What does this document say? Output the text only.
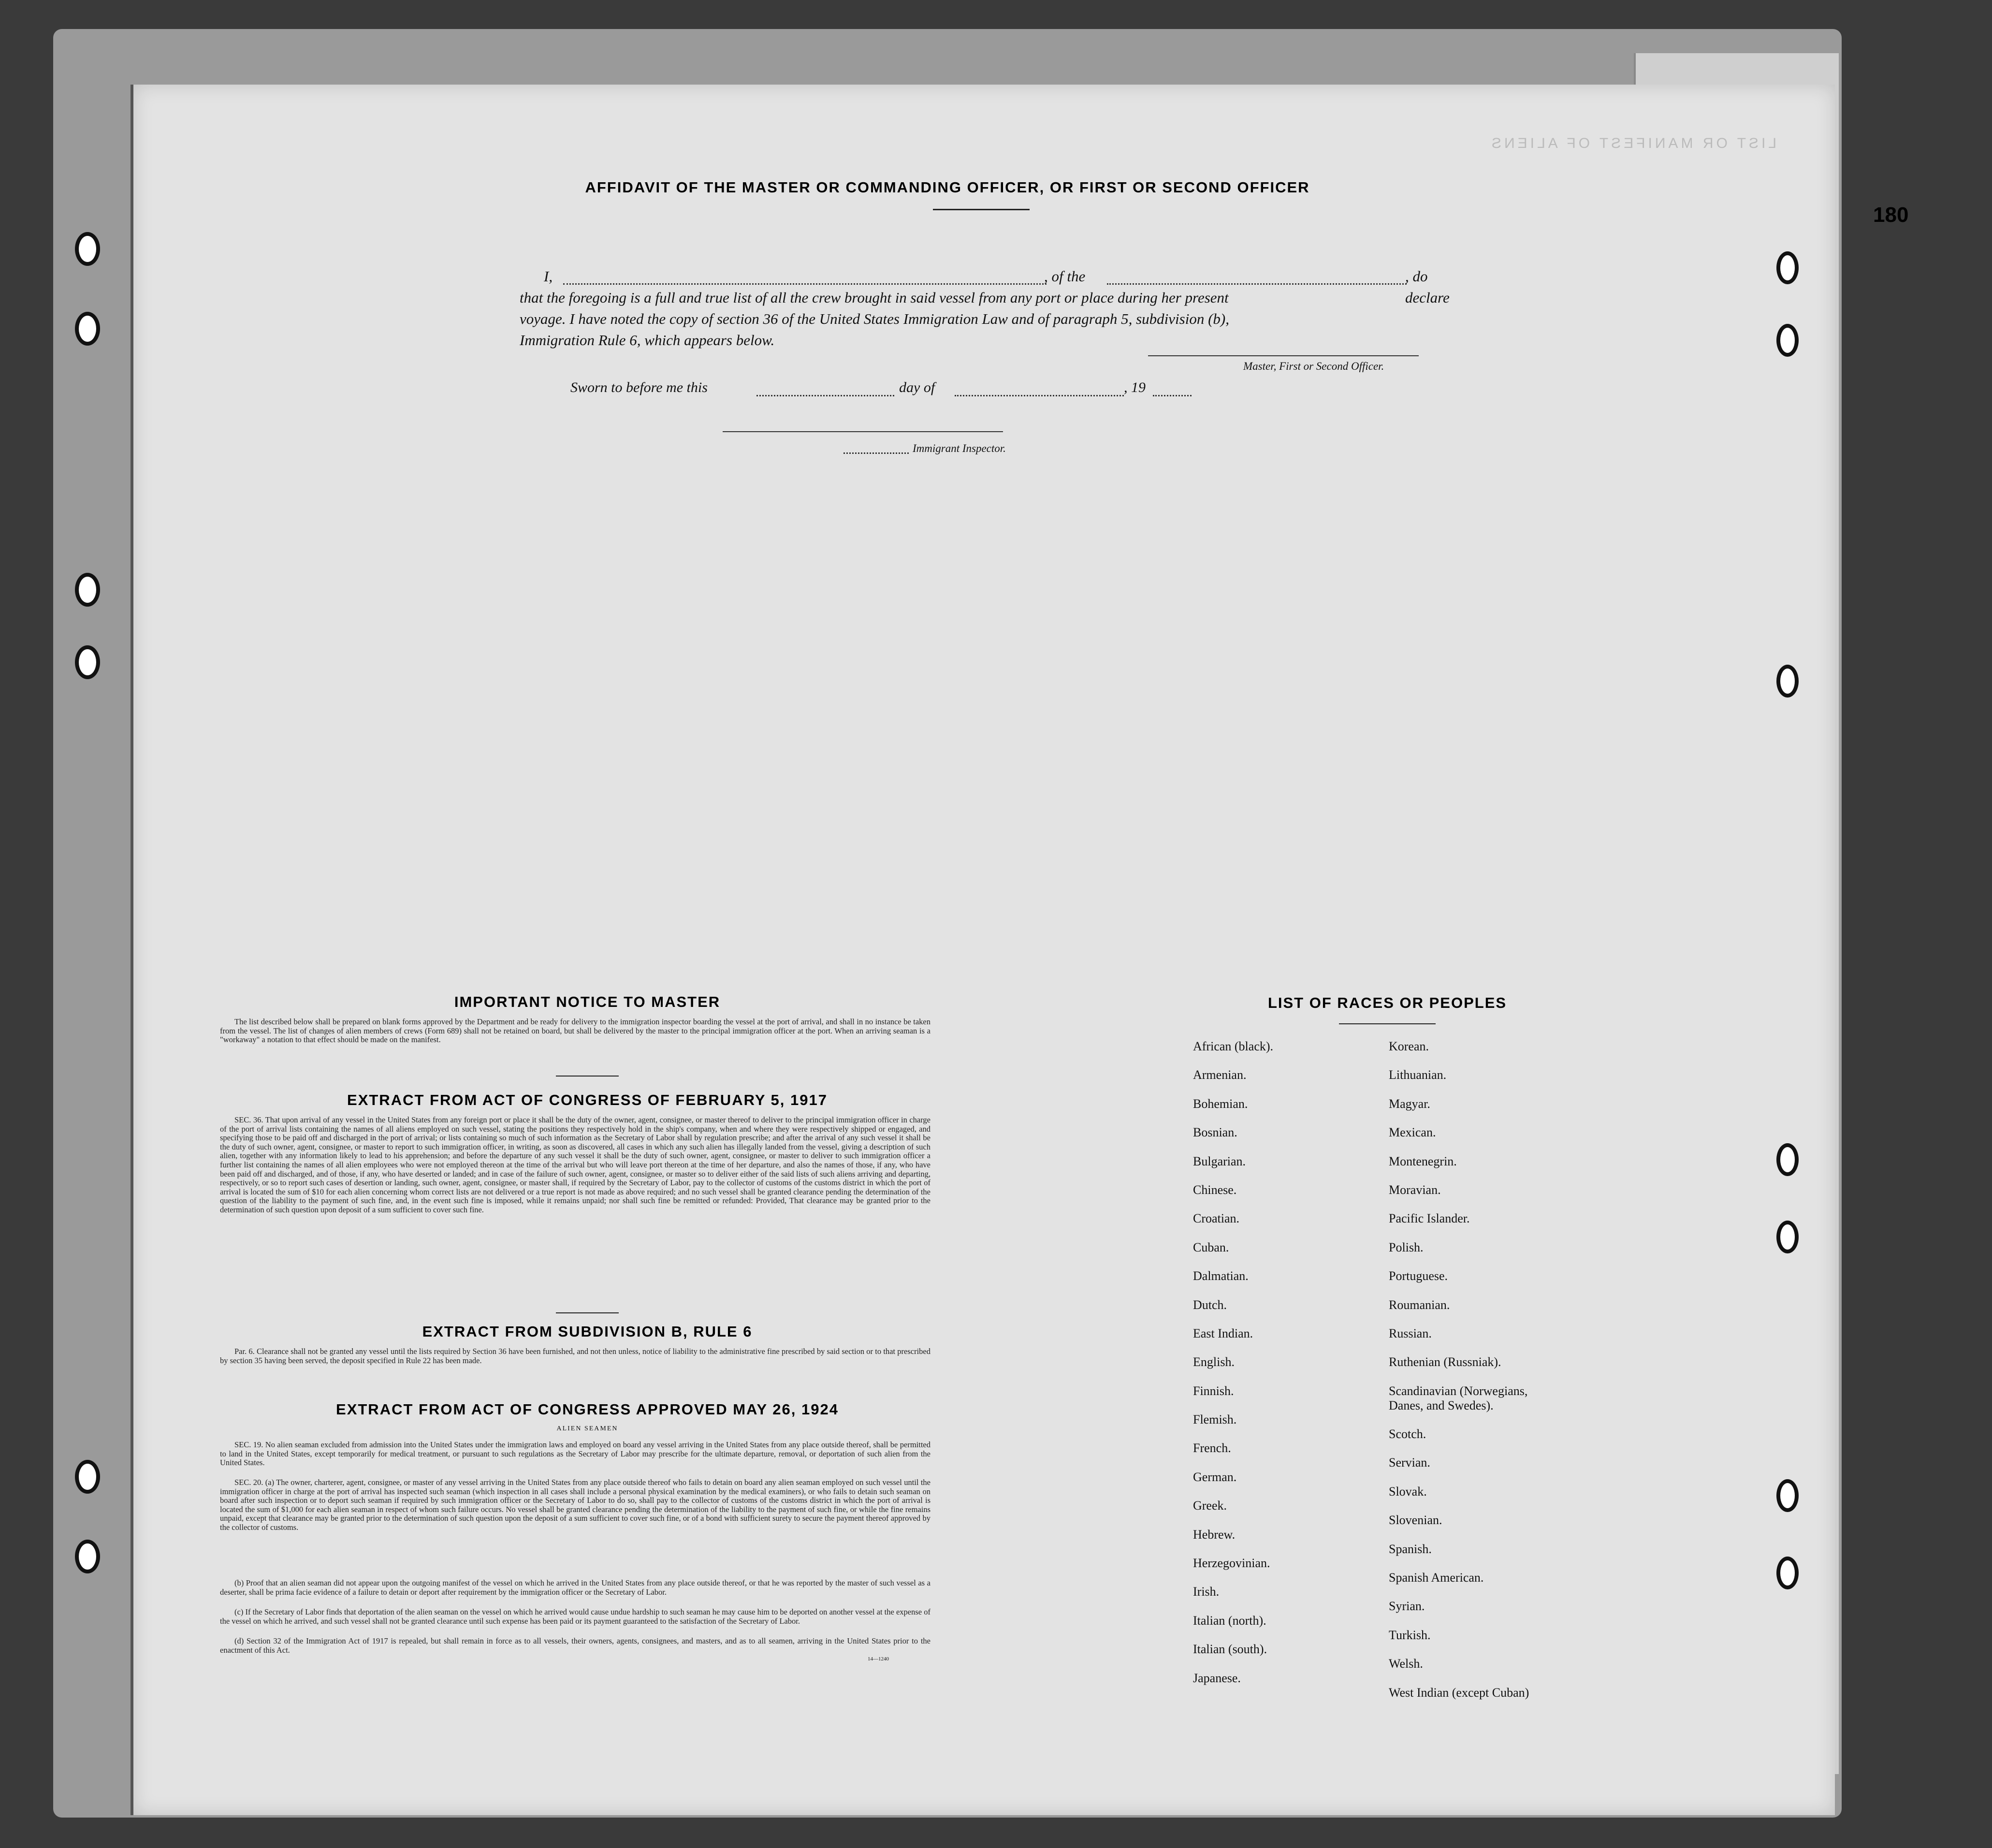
180
AFFIDAVIT OF THE MASTER OR COMMANDING OFFICER, OR FIRST OR SECOND OFFICER
I,	, of the	, do declare
that the foregoing is a full and true list of all the crew brought in said vessel from any port or place during her present
voyage. I have noted the copy of section 36 of the United States Immigration Law and of paragraph 5, subdivision (b),
Immigration Rule 6, which appears below.
Master, First or Second Officer.
Sworn to before me this	day of	, 19
Immigrant Inspector.
LIST OR MANIFEST OF ALIENS
IMPORTANT NOTICE TO MASTER
The list described below shall be prepared on blank forms approved by the Department and be ready for delivery to the immigration inspector boarding the vessel at the port of arrival, and shall in no instance be taken from the vessel. The list of changes of alien members of crews (Form 689) shall not be retained on board, but shall be delivered by the master to the principal immigration officer at the port. When an arriving seaman is a "workaway" a notation to that effect should be made on the manifest.
EXTRACT FROM ACT OF CONGRESS OF FEBRUARY 5, 1917
SEC. 36. That upon arrival of any vessel in the United States from any foreign port or place it shall be the duty of the owner, agent, consignee, or master thereof to deliver to the principal immigration officer in charge of the port of arrival lists containing the names of all aliens employed on such vessel, stating the positions they respectively hold in the ship's company, when and where they were respectively shipped or engaged, and specifying those to be paid off and discharged in the port of arrival; or lists containing so much of such information as the Secretary of Labor shall by regulation prescribe; and after the arrival of any such vessel it shall be the duty of such owner, agent, consignee, or master to report to such immigration officer, in writing, as soon as discovered, all cases in which any such alien has illegally landed from the vessel, giving a description of such alien, together with any information likely to lead to his apprehension; and before the departure of any such vessel it shall be the duty of such owner, agent, consignee, or master to deliver to such immigration officer a further list containing the names of all alien employees who were not employed thereon at the time of the arrival but who will leave port thereon at the time of her departure, and also the names of those, if any, who have been paid off and discharged, and of those, if any, who have deserted or landed; and in case of the failure of such owner, agent, consignee, or master so to deliver either of the said lists of such aliens arriving and departing, respectively, or so to report such cases of desertion or landing, such owner, agent, consignee, or master shall, if required by the Secretary of Labor, pay to the collector of customs of the customs district in which the port of arrival is located the sum of $10 for each alien concerning whom correct lists are not delivered or a true report is not made as above required; and no such vessel shall be granted clearance pending the determination of the question of the liability to the payment of such fine, and, in the event such fine is imposed, while it remains unpaid; nor shall such fine be remitted or refunded: Provided, That clearance may be granted prior to the determination of such question upon deposit of a sum sufficient to cover such fine.
EXTRACT FROM SUBDIVISION B, RULE 6
Par. 6. Clearance shall not be granted any vessel until the lists required by Section 36 have been furnished, and not then unless, notice of liability to the administrative fine prescribed by said section or to that prescribed by section 35 having been served, the deposit specified in Rule 22 has been made.
EXTRACT FROM ACT OF CONGRESS APPROVED MAY 26, 1924
ALIEN SEAMEN
SEC. 19. No alien seaman excluded from admission into the United States under the immigration laws and employed on board any vessel arriving in the United States from any place outside thereof, shall be permitted to land in the United States, except temporarily for medical treatment, or pursuant to such regulations as the Secretary of Labor may prescribe for the ultimate departure, removal, or deportation of such alien from the United States.
SEC. 20. (a) The owner, charterer, agent, consignee, or master of any vessel arriving in the United States from any place outside thereof who fails to detain on board any alien seaman employed on such vessel until the immigration officer in charge at the port of arrival has inspected such seaman (which inspection in all cases shall include a personal physical examination by the medical examiners), or who fails to detain such seaman on board after such inspection or to deport such seaman if required by such immigration officer or the Secretary of Labor to do so, shall pay to the collector of customs of the customs district in which the port of arrival is located the sum of $1,000 for each alien seaman in respect of whom such failure occurs. No vessel shall be granted clearance pending the determination of the liability to the payment of such fine, or while the fine remains unpaid, except that clearance may be granted prior to the determination of such question upon the deposit of a sum sufficient to cover such fine, or of a bond with sufficient surety to secure the payment thereof approved by the collector of customs.
(b) Proof that an alien seaman did not appear upon the outgoing manifest of the vessel on which he arrived in the United States from any place outside thereof, or that he was reported by the master of such vessel as a deserter, shall be prima facie evidence of a failure to detain or deport after requirement by the immigration officer or the Secretary of Labor.
(c) If the Secretary of Labor finds that deportation of the alien seaman on the vessel on which he arrived would cause undue hardship to such seaman he may cause him to be deported on another vessel at the expense of the vessel on which he arrived, and such vessel shall not be granted clearance until such expense has been paid or its payment guaranteed to the satisfaction of the Secretary of Labor.
(d) Section 32 of the Immigration Act of 1917 is repealed, but shall remain in force as to all vessels, their owners, agents, consignees, and masters, and as to all seamen, arriving in the United States prior to the enactment of this Act.
14—1240
LIST OF RACES OR PEOPLES
African (black).
Armenian.
Bohemian.
Bosnian.
Bulgarian.
Chinese.
Croatian.
Cuban.
Dalmatian.
Dutch.
East Indian.
English.
Finnish.
Flemish.
French.
German.
Greek.
Hebrew.
Herzegovinian.
Irish.
Italian (north).
Italian (south).
Japanese.
Korean.
Lithuanian.
Magyar.
Mexican.
Montenegrin.
Moravian.
Pacific Islander.
Polish.
Portuguese.
Roumanian.
Russian.
Ruthenian (Russniak).
Scandinavian (Norwegians,
Danes, and Swedes).
Scotch.
Servian.
Slovak.
Slovenian.
Spanish.
Spanish American.
Syrian.
Turkish.
Welsh.
West Indian (except Cuban)
